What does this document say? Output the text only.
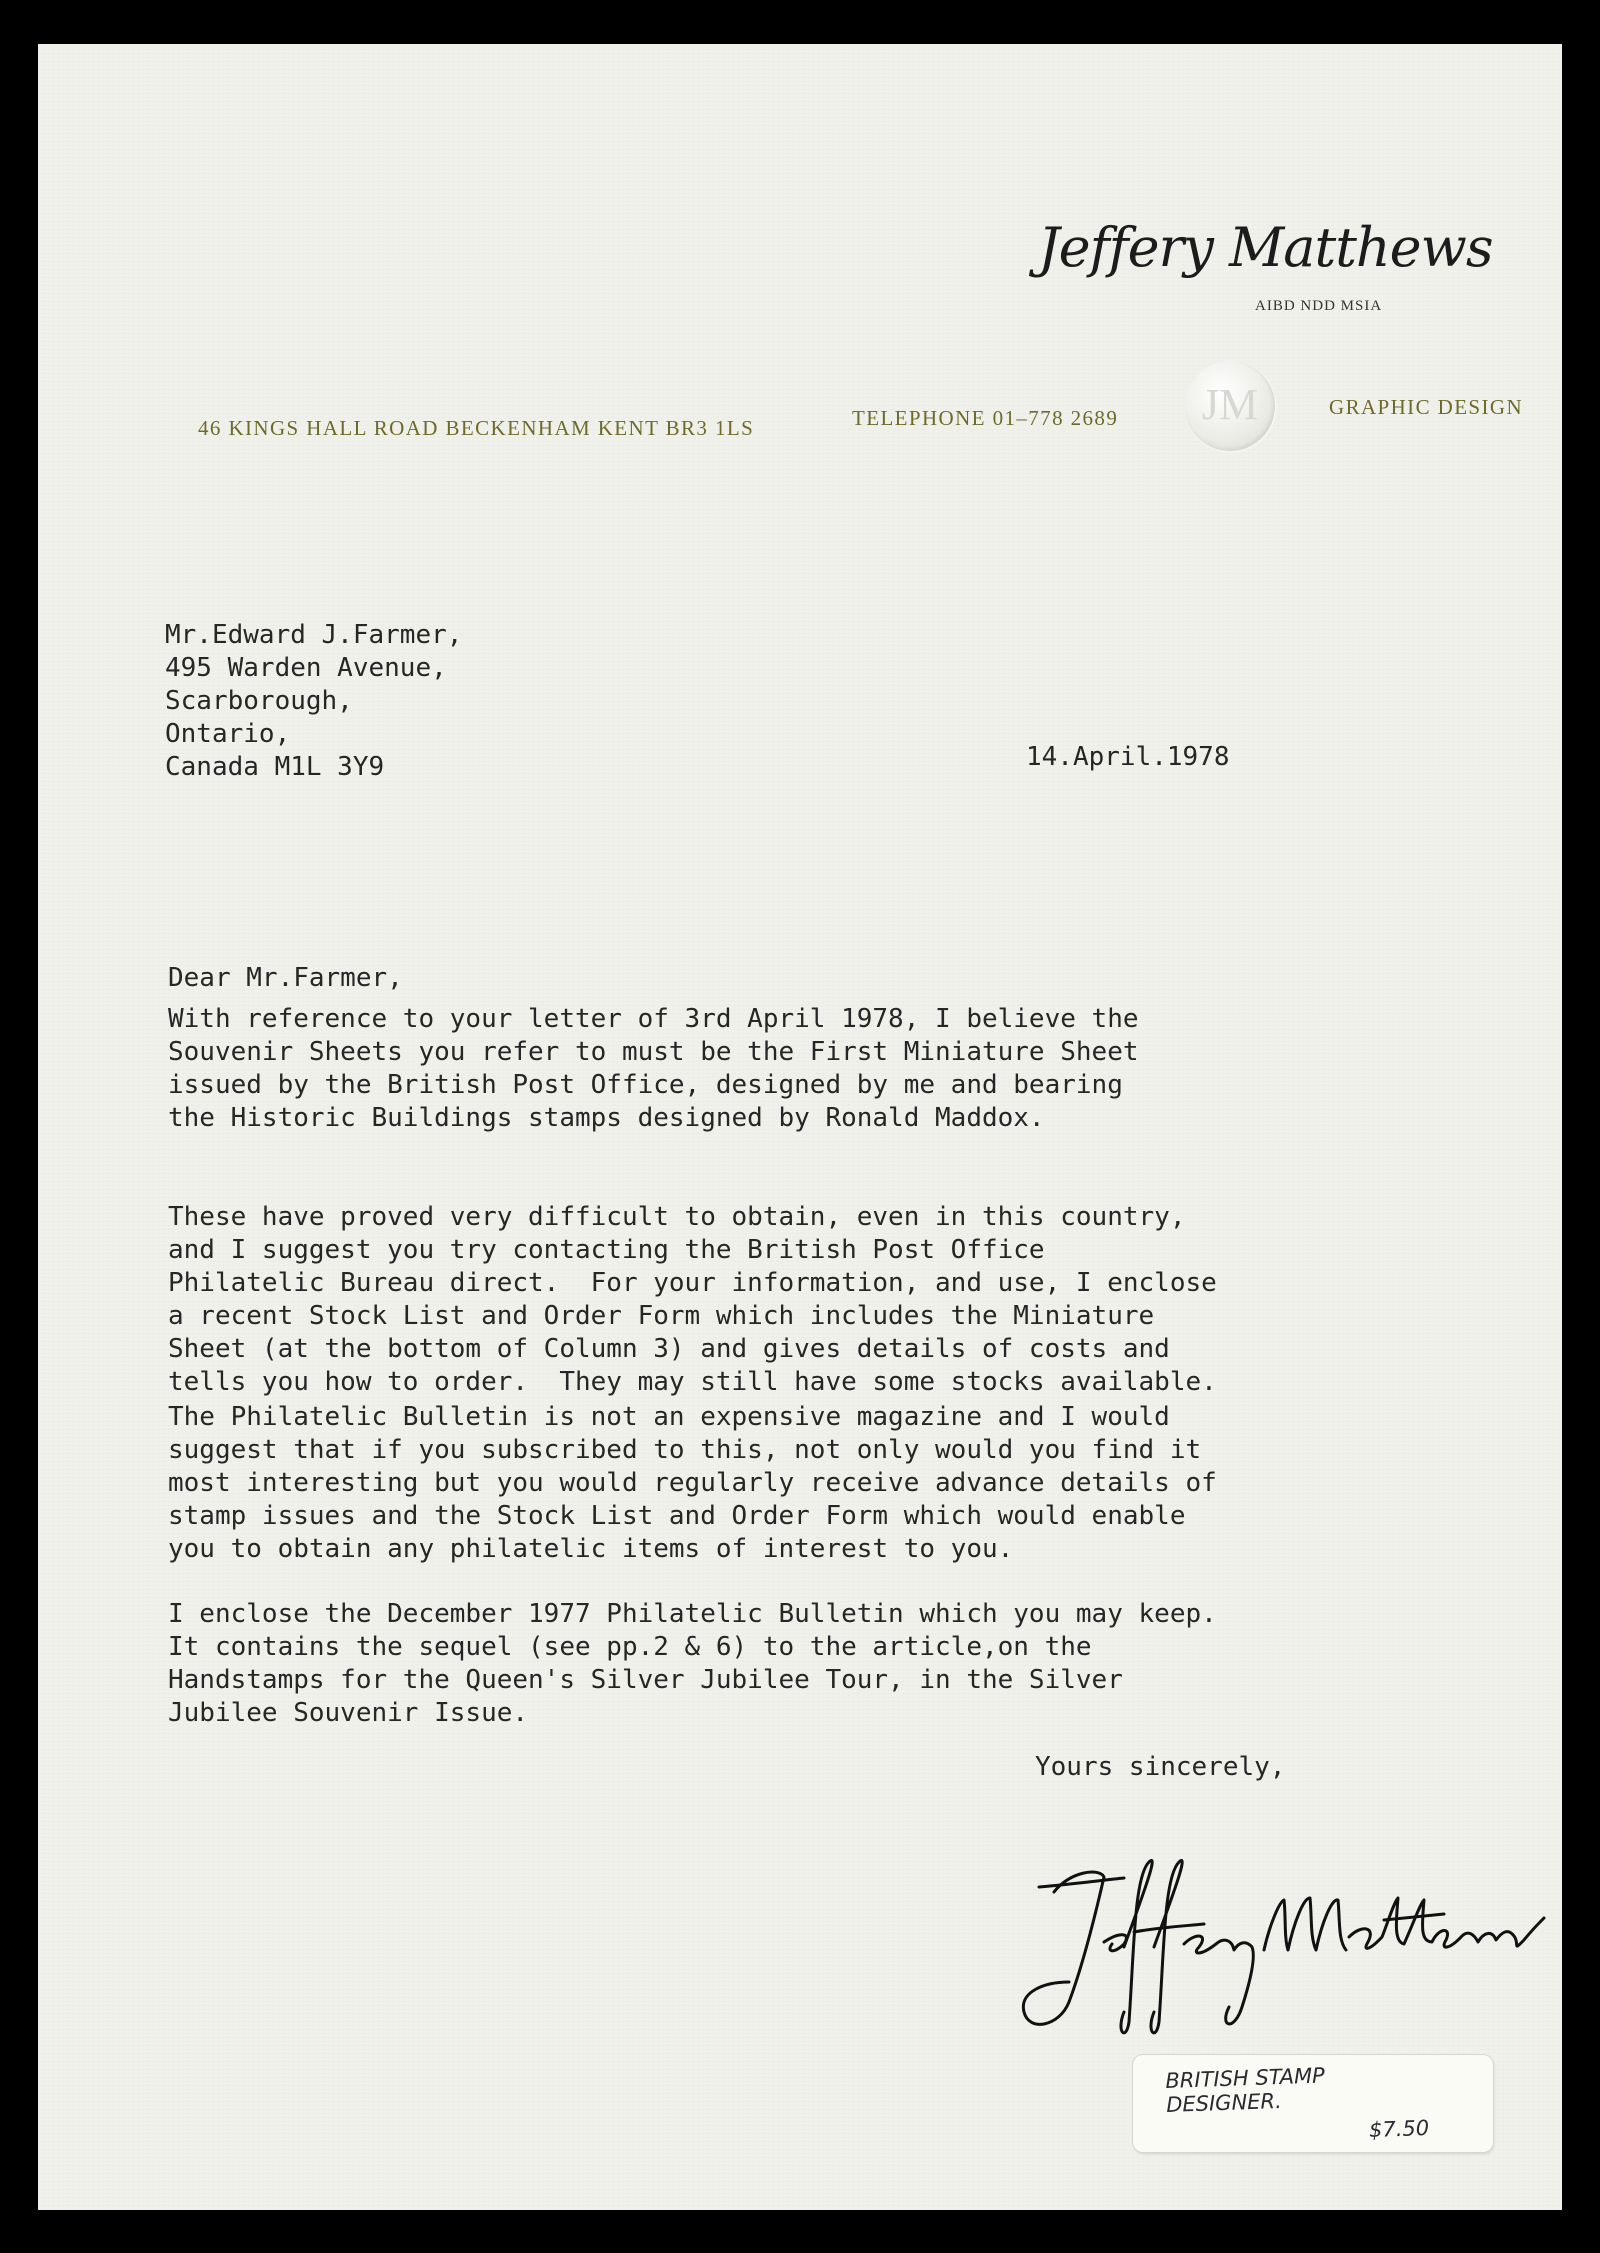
Jeffery Matthews
AIBD NDD MSIA
JM
46 KINGS HALL ROAD BECKENHAM KENT BR3 1LS	TELEPHONE 01–778 2689	GRAPHIC DESIGN
Mr.Edward J.Farmer,
495 Warden Avenue,
Scarborough,
Ontario,
Canada M1L 3Y9	14.April.1978
Dear Mr.Farmer,
With reference to your letter of 3rd April 1978, I believe the
Souvenir Sheets you refer to must be the First Miniature Sheet
issued by the British Post Office, designed by me and bearing
the Historic Buildings stamps designed by Ronald Maddox.
These have proved very difficult to obtain, even in this country,
and I suggest you try contacting the British Post Office
Philatelic Bureau direct.  For your information, and use, I enclose
a recent Stock List and Order Form which includes the Miniature
Sheet (at the bottom of Column 3) and gives details of costs and
tells you how to order.  They may still have some stocks available.
The Philatelic Bulletin is not an expensive magazine and I would
suggest that if you subscribed to this, not only would you find it
most interesting but you would regularly receive advance details of
stamp issues and the Stock List and Order Form which would enable
you to obtain any philatelic items of interest to you.
I enclose the December 1977 Philatelic Bulletin which you may keep.
It contains the sequel (see pp.2 & 6) to the article,on the
Handstamps for the Queen's Silver Jubilee Tour, in the Silver
Jubilee Souvenir Issue.
Yours sincerely,
BRITISH STAMP
DESIGNER.
$7.50
